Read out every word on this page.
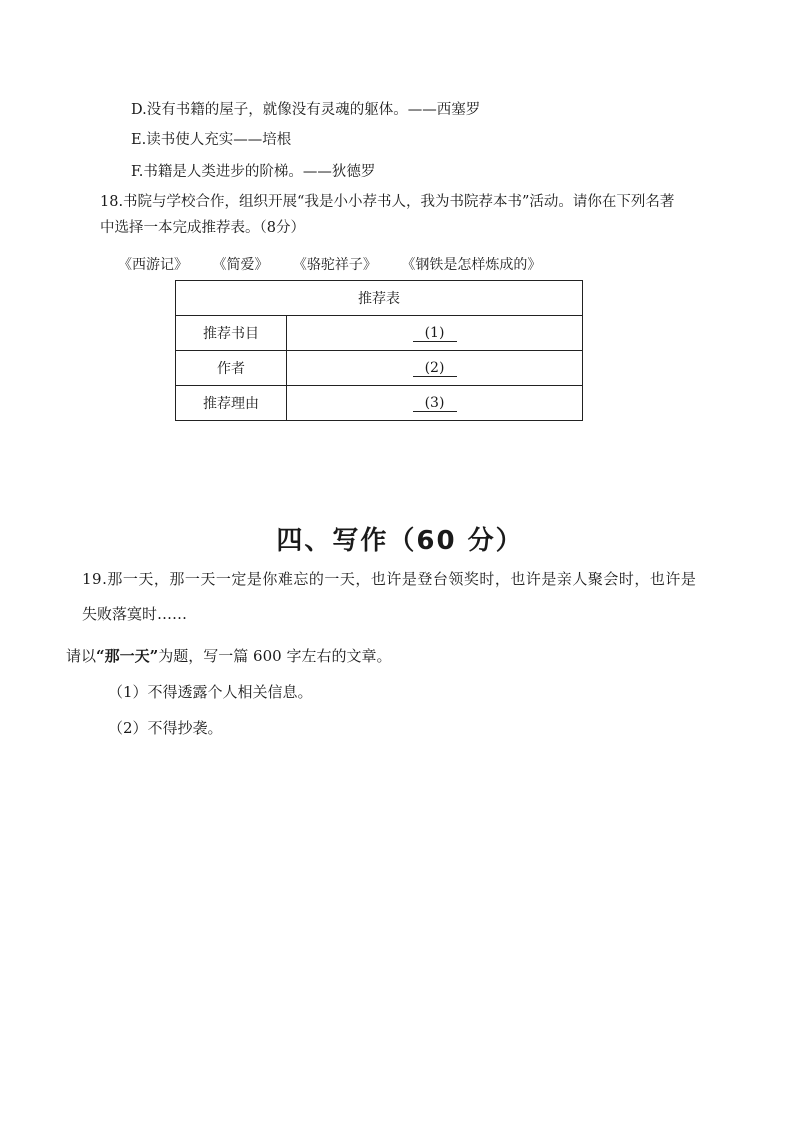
D.没有书籍的屋子，就像没有灵魂的躯体。——西塞罗
E.读书使人充实——培根
F.书籍是人类进步的阶梯。——狄德罗
18.书院与学校合作，组织开展“我是小小荐书人，我为书院荐本书”活动。请你在下列名著
中选择一本完成推荐表。（8分）
《西游记》 《简爱》 《骆驼祥子》 《钢铁是怎样炼成的》
推荐表	
推荐书目	(1)
作者	(2)
推荐理由	(3)
四、写作（60 分）
19.那一天，那一天一定是你难忘的一天，也许是登台领奖时，也许是亲人聚会时，也许是
失败落寞时……
请以“那一天”为题，写一篇 600 字左右的文章。
（1）不得透露个人相关信息。
（2）不得抄袭。
